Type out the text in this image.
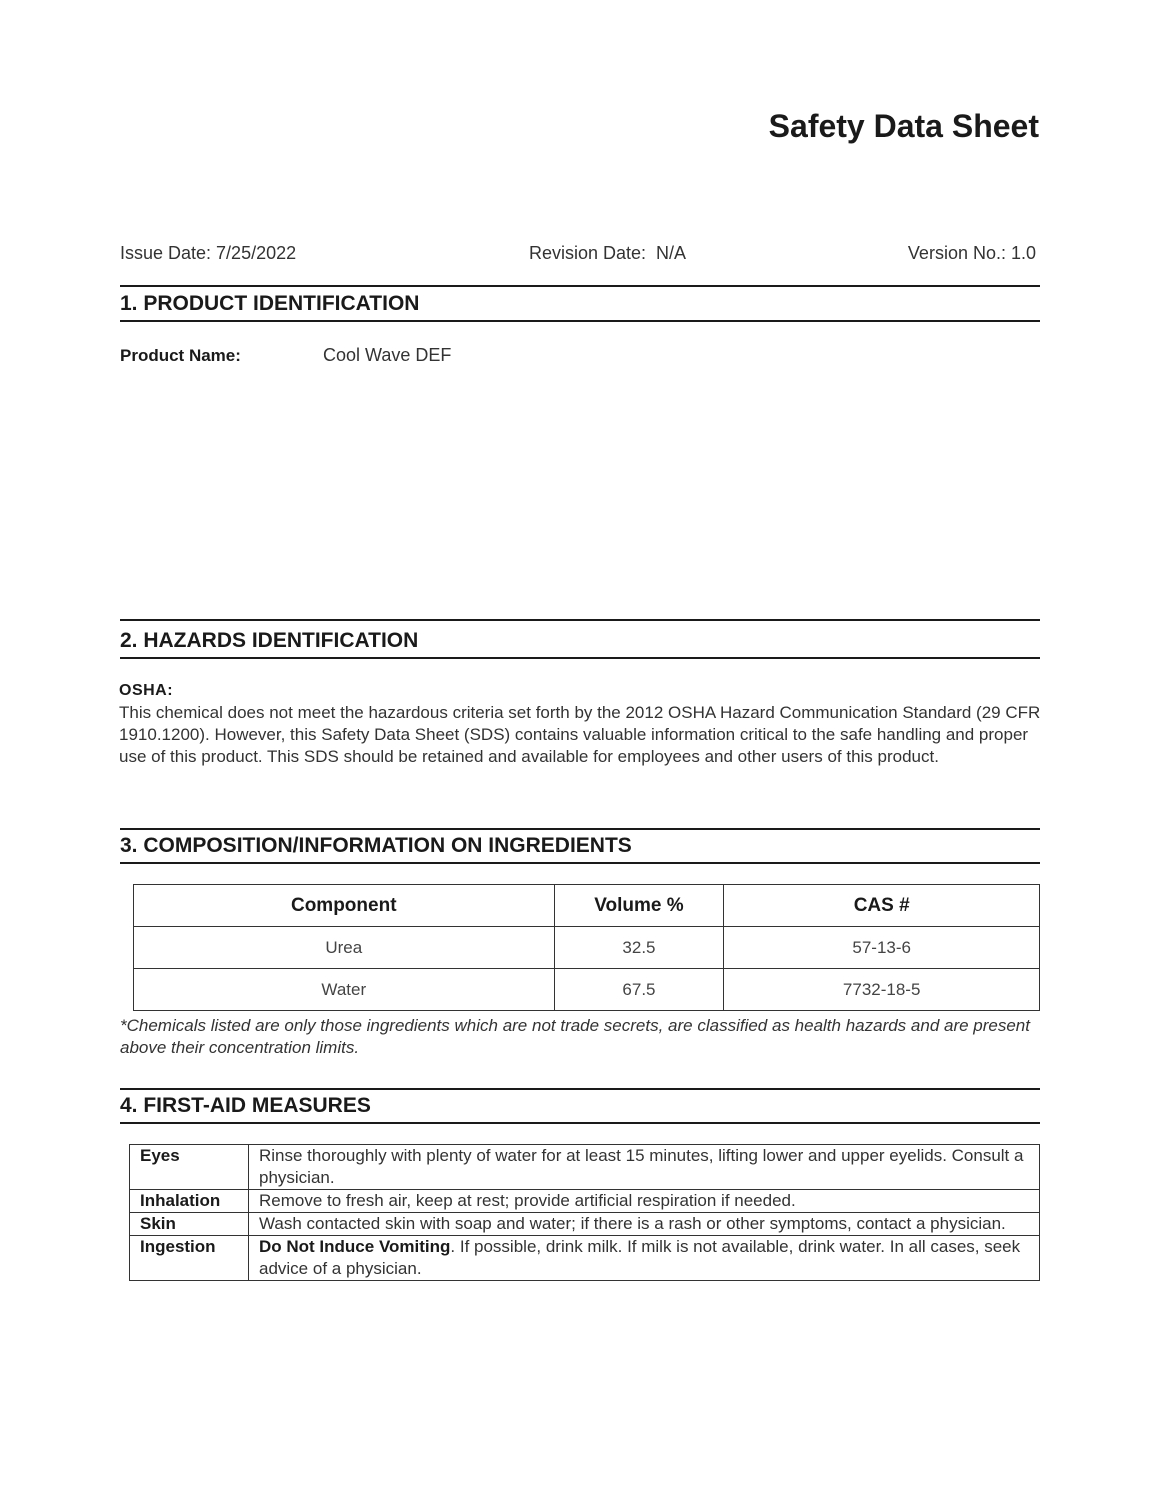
Safety Data Sheet
Issue Date: 7/25/2022	Revision Date:  N/A	Version No.: 1.0
1. PRODUCT IDENTIFICATION
Product Name:	Cool Wave DEF
2. HAZARDS IDENTIFICATION
OSHA:
This chemical does not meet the hazardous criteria set forth by the 2012 OSHA Hazard Communication Standard (29 CFR 1910.1200). However, this Safety Data Sheet (SDS) contains valuable information critical to the safe handling and proper use of this product. This SDS should be retained and available for employees and other users of this product.
3. COMPOSITION/INFORMATION ON INGREDIENTS
Component	Volume %	CAS #
Urea	32.5	57-13-6
Water	67.5	7732-18-5
*Chemicals listed are only those ingredients which are not trade secrets, are classified as health hazards and are present above their concentration limits.
4. FIRST-AID MEASURES
Eyes	Rinse thoroughly with plenty of water for at least 15 minutes, lifting lower and upper eyelids. Consult a physician.
Inhalation	Remove to fresh air, keep at rest; provide artificial respiration if needed.
Skin	Wash contacted skin with soap and water; if there is a rash or other symptoms, contact a physician.
Ingestion	Do Not Induce Vomiting. If possible, drink milk. If milk is not available, drink water. In all cases, seek advice of a physician.
